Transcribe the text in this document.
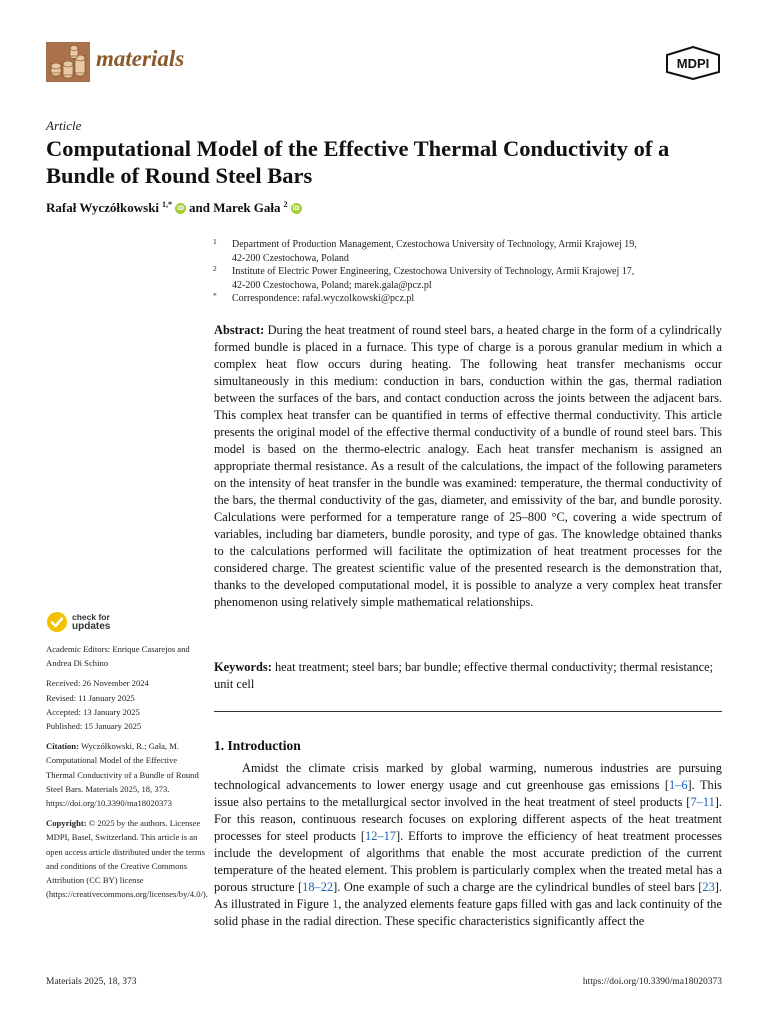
materials	MDPI
Article
Computational Model of the Effective Thermal Conductivity of a Bundle of Round Steel Bars
Rafał Wyczółkowski $^{1,*}$ iD and Marek Gała $^2$ iD
1 Department of Production Management, Czestochowa University of Technology, Armii Krajowej 19,
42-200 Czestochowa, Poland
2 Institute of Electric Power Engineering, Czestochowa University of Technology, Armii Krajowej 17,
42-200 Czestochowa, Poland; marek.gala@pcz.pl
* Correspondence: rafal.wyczolkowski@pcz.pl
Abstract: During the heat treatment of round steel bars, a heated charge in the form of a cylindrically formed bundle is placed in a furnace. This type of charge is a porous granular medium in which a complex heat flow occurs during heating. The following heat transfer mechanisms occur simultaneously in this medium: conduction in bars, conduction within the gas, thermal radiation between the surfaces of the bars, and contact conduction across the joints between the adjacent bars. This complex heat transfer can be quantified in terms of effective thermal conductivity. This article presents the original model of the effective thermal conductivity of a bundle of round steel bars. This model is based on the thermo-electric analogy. Each heat transfer mechanism is assigned an appropriate thermal resistance. As a result of the calculations, the impact of the following parameters on the intensity of heat transfer in the bundle was examined: temperature, the thermal conductivity of the bars, the thermal conductivity of the gas, diameter, and emissivity of the bar, and bundle porosity. Calculations were performed for a temperature range of 25–800 °C, covering a wide spectrum of variables, including bar diameters, bundle porosity, and type of gas. The knowledge obtained thanks to the calculations performed will facilitate the optimization of heat treatment processes for the considered charge. The greatest scientific value of the presented research is the demonstration that, thanks to the developed computational model, it is possible to analyze a very complex heat transfer phenomenon using relatively simple mathematical relationships.
Keywords: heat treatment; steel bars; bar bundle; effective thermal conductivity; thermal resistance; unit cell
check for
updates

Academic Editors: Enrique Casarejos and Andrea Di Schino

Received: 26 November 2024
Revised: 11 January 2025
Accepted: 13 January 2025
Published: 15 January 2025

Citation: Wyczółkowski, R.; Gała, M. Computational Model of the Effective Thermal Conductivity of a Bundle of Round Steel Bars. Materials 2025, 18, 373. https://doi.org/10.3390/ma18020373

Copyright: © 2025 by the authors. Licensee MDPI, Basel, Switzerland. This article is an open access article distributed under the terms and conditions of the Creative Commons Attribution (CC BY) license (https://creativecommons.org/licenses/by/4.0/).

1. Introduction

Amidst the climate crisis marked by global warming, numerous industries are pursuing technological advancements to lower energy usage and cut greenhouse gas emissions [1–6]. This issue also pertains to the metallurgical sector involved in the heat treatment of steel products [7–11]. For this reason, continuous research focuses on exploring different aspects of the heat treatment processes for steel products [12–17]. Efforts to improve the efficiency of heat treatment processes include the development of algorithms that enable the most accurate prediction of the current temperature of the heated element. This problem is particularly complex when the treated metal has a porous structure [18–22]. One example of such a charge are the cylindrical bundles of steel bars [23]. As illustrated in Figure 1, the analyzed elements feature gaps filled with gas and lack continuity of the solid phase in the radial direction. These specific characteristics significantly affect the

Materials 2025, 18, 373	https://doi.org/10.3390/ma18020373
